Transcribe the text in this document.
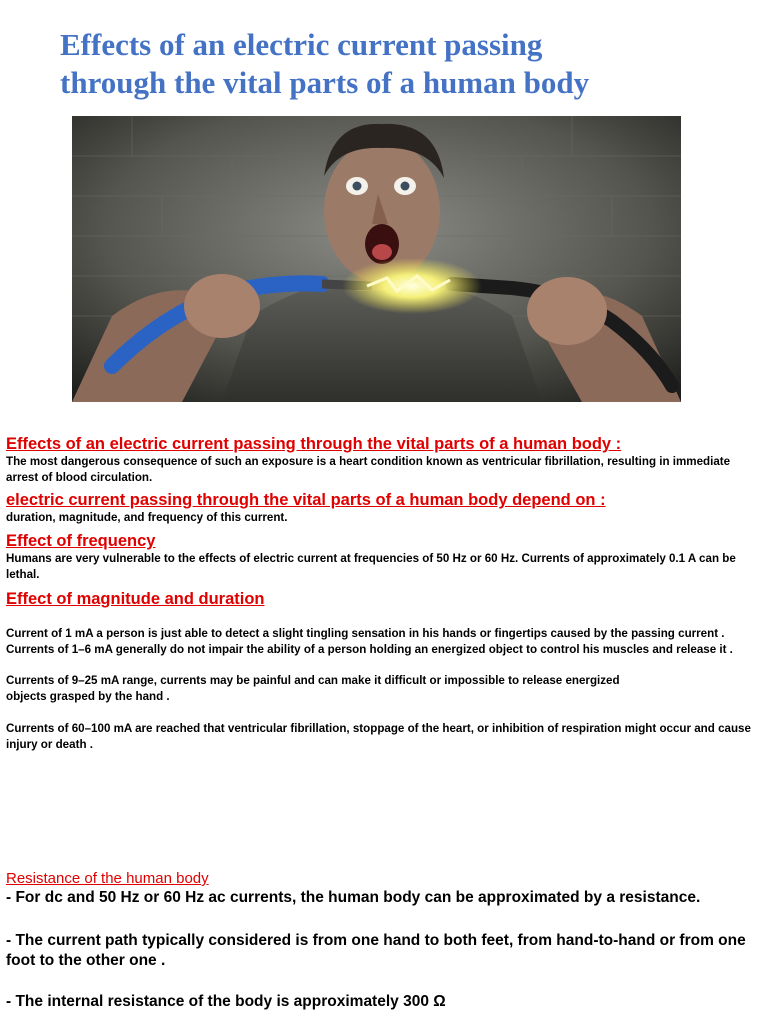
Effects of an electric current passing
through the vital parts of a human body

Effects of an electric current passing through the vital parts of a human body :

The most dangerous consequence of such an exposure is a heart condition known as ventricular fibrillation, resulting in immediate arrest of blood circulation.

electric current passing through the vital parts of a human body depend on :

duration, magnitude, and frequency of this current.

Effect of frequency

Humans are very vulnerable to the effects of electric current at frequencies of 50 Hz or 60 Hz. Currents of approximately 0.1 A can be lethal.

Effect of magnitude and duration

Current of 1 mA a person is just able to detect a slight tingling sensation in his hands or fingertips caused by the passing current .

Currents of 1–6 mA generally do not impair the ability of a person holding an energized object to control his muscles and release it .

Currents of 9–25 mA range, currents may be painful and can make it difficult or impossible to release energized

objects grasped by the hand .

Currents of 60–100 mA are reached that ventricular fibrillation, stoppage of the heart, or inhibition of respiration might occur and cause injury or death .

Resistance of the human body

- For dc and 50 Hz or 60 Hz ac currents, the human body can be approximated by a resistance.

- The current path typically considered is from one hand to both feet, from hand-to-hand or from one foot to the other one .

- The internal resistance of the body is approximately 300 Ω
